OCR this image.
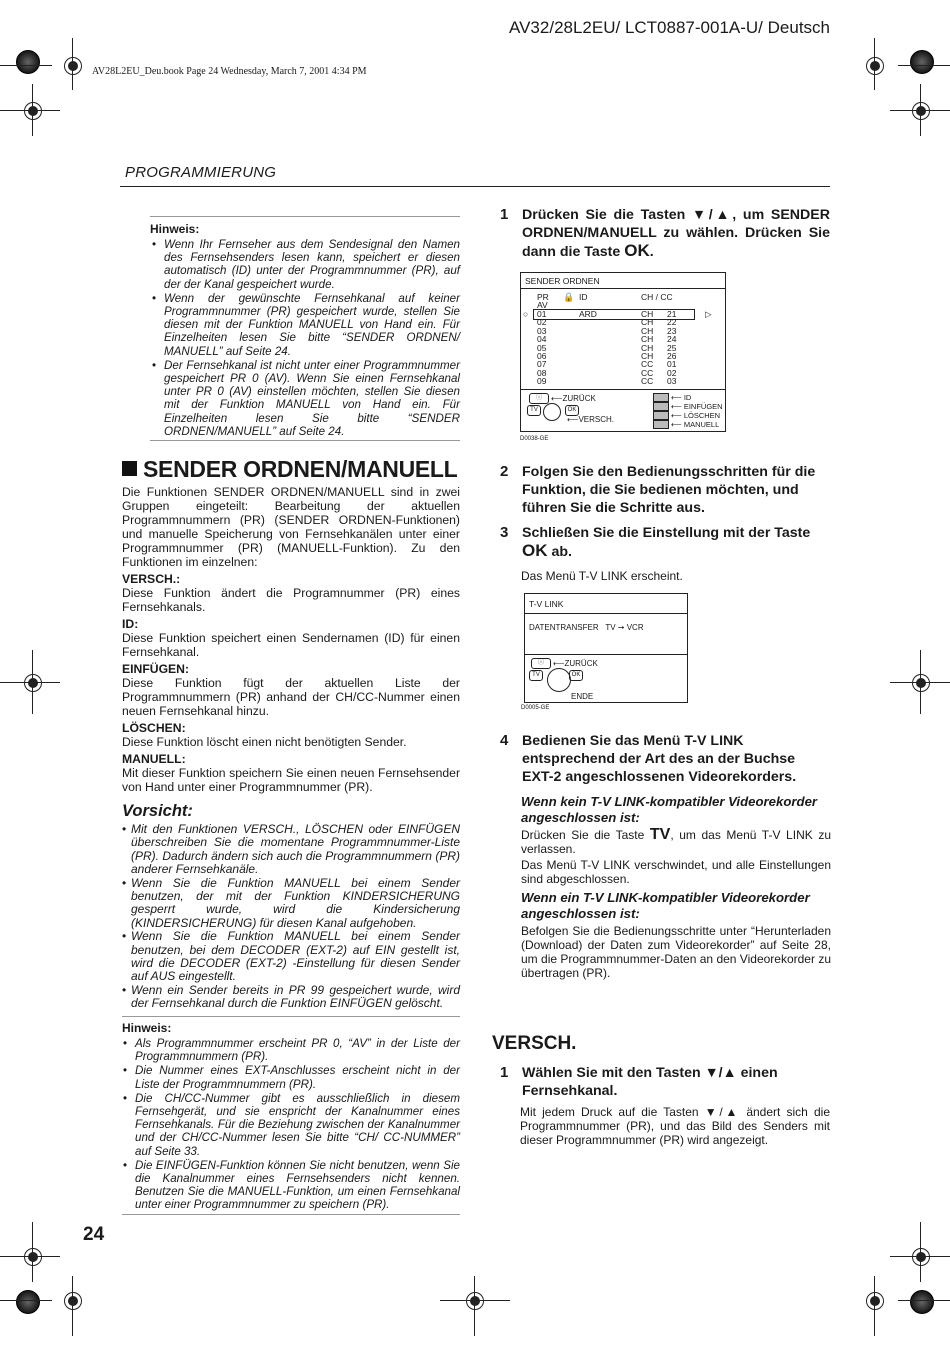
AV32/28L2EU/ LCT0887-001A-U/ Deutsch
AV28L2EU_Deu.book Page 24 Wednesday, March 7, 2001 4:34 PM
PROGRAMMIERUNG
Hinweis:
• Wenn Ihr Fernseher aus dem Sendesignal den Namen des Fernsehsenders lesen kann, speichert er diesen automatisch (ID) unter der Programmnummer (PR), auf der der Kanal gespeichert wurde.
• Wenn der gewünschte Fernsehkanal auf keiner Programmnummer (PR) gespeichert wurde, stellen Sie diesen mit der Funktion MANUELL von Hand ein. Für Einzelheiten lesen Sie bitte “SENDER ORDNEN/ MANUELL” auf Seite 24.
• Der Fernsehkanal ist nicht unter einer Programmnummer gespeichert PR 0 (AV). Wenn Sie einen Fernsehkanal unter PR 0 (AV) einstellen möchten, stellen Sie diesen mit der Funktion MANUELL von Hand ein. Für Einzelheiten lesen Sie bitte “SENDER ORDNEN/MANUELL” auf Seite 24.
SENDER ORDNEN/MANUELL

Die Funktionen SENDER ORDNEN/MANUELL sind in zwei Gruppen eingeteilt: Bearbeitung der aktuellen Programmnummern (PR) (SENDER ORDNEN-Funktionen) und manuelle Speicherung von Fernsehkanälen unter einer Programmnummer (PR) (MANUELL-Funktion). Zu den Funktionen im einzelnen:

VERSCH.:

Diese Funktion ändert die Programnummer (PR) eines Fernsehkanals.

ID:

Diese Funktion speichert einen Sendernamen (ID) für einen Fernsehkanal.

EINFÜGEN:

Diese Funktion fügt der aktuellen Liste der Programmnummern (PR) anhand der CH/CC-Nummer einen neuen Fernsehkanal hinzu.

LÖSCHEN:

Diese Funktion löscht einen nicht benötigten Sender.

MANUELL:

Mit dieser Funktion speichern Sie einen neuen Fernsehsender von Hand unter einer Programmnummer (PR).

Vorsicht:
• Mit den Funktionen VERSCH., LÖSCHEN oder EINFÜGEN überschreiben Sie die momentane Programmnummer-Liste (PR). Dadurch ändern sich auch die Programmnummern (PR) anderer Fernsehkanäle.
• Wenn Sie die Funktion MANUELL bei einem Sender benutzen, der mit der Funktion KINDERSICHERUNG gesperrt wurde, wird die Kindersicherung (KINDERSICHERUNG) für diesen Kanal aufgehoben.
• Wenn Sie die Funktion MANUELL bei einem Sender benutzen, bei dem DECODER (EXT-2) auf EIN gestellt ist, wird die DECODER (EXT-2) -Einstellung für diesen Sender auf AUS eingestellt.
• Wenn ein Sender bereits in PR 99 gespeichert wurde, wird der Fernsehkanal durch die Funktion EINFÜGEN gelöscht.
Hinweis:
• Als Programmnummer erscheint PR 0, “AV” in der Liste der Programmnummern (PR).
• Die Nummer eines EXT-Anschlusses erscheint nicht in der Liste der Programmnummern (PR).
• Die CH/CC-Nummer gibt es ausschließlich in diesem Fernsehgerät, und sie enspricht der Kanalnummer eines Fernsehkanals. Für die Beziehung zwischen der Kanalnummer und der CH/CC-Nummer lesen Sie bitte “CH/ CC-NUMMER” auf Seite 33.
• Die EINFÜGEN-Funktion können Sie nicht benutzen, wenn Sie die Kanalnummer eines Fernsehsenders nicht kennen. Benutzen Sie die MANUELL-Funktion, um einen Fernsehkanal unter einer Programmnummer zu speichern (PR).
24
1 Drücken Sie die Tasten ▼/▲, um SENDER ORDNEN/MANUELL zu wählen. Drücken Sie dann die Taste OK.
SENDER ORDNEN
PR 🔒 ID	CH / CC
AV
○	▷
01	ARD	CH 21
02	CH 22
03	CH 23
04	CH 24
05	CH 25
06	CH 26
07	CC 01
08	CC 02
09	CC 03
ⓘ	⟵ZURÜCK
TV	OK
⟵VERSCH.
⟵ ID
⟵ EINFÜGEN
⟵ LÖSCHEN
⟵ MANUELL
D0038-GE
2 Folgen Sie den Bedienungsschritten für die Funktion, die Sie bedienen möchten, und führen Sie die Schritte aus.
3 Schließen Sie die Einstellung mit der Taste OK ab.
Das Menü T-V LINK erscheint.
T-V LINK
DATENTRANSFER TV ➞ VCR
ⓘ	⟵ZURÜCK
TV	OK
ENDE
D0005-GE
4 Bedienen Sie das Menü T-V LINK entsprechend der Art des an der Buchse EXT-2 angeschlossenen Videorekorders.
Wenn kein T-V LINK-kompatibler Videorekorder angeschlossen ist:
Drücken Sie die Taste TV, um das Menü T-V LINK zu verlassen.
Das Menü T-V LINK verschwindet, und alle Einstellungen sind abgeschlossen.
Wenn ein T-V LINK-kompatibler Videorekorder angeschlossen ist:
Befolgen Sie die Bedienungsschritte unter “Herunterladen (Download) der Daten zum Videorekorder” auf Seite 28, um die Programmnummer-Daten an den Videorekorder zu übertragen (PR).
VERSCH.
1 Wählen Sie mit den Tasten ▼/▲ einen Fernsehkanal.
Mit jedem Druck auf die Tasten ▼/▲ ändert sich die Programmnummer (PR), und das Bild des Senders mit dieser Programmnummer (PR) wird angezeigt.
